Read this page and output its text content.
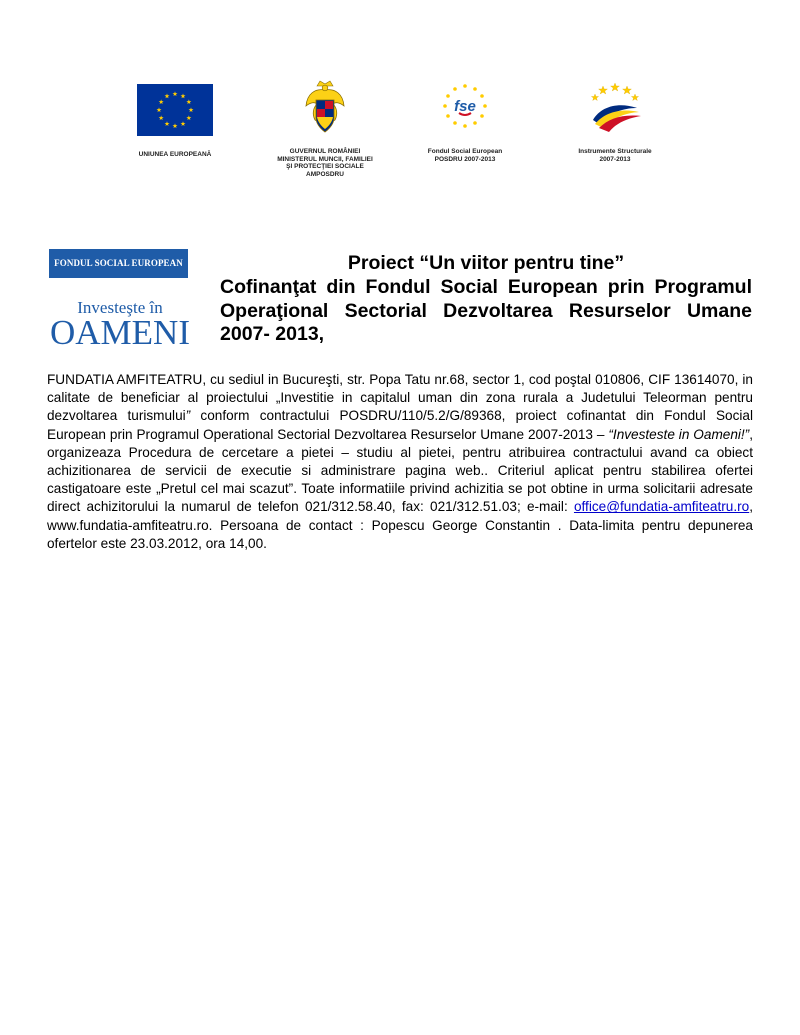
UNIUNEA EUROPEANĂ	GUVERNUL ROMÂNIEI
MINISTERUL MUNCII, FAMILIEI
ŞI PROTECŢIEI SOCIALE
AMPOSDRU
fse
Fondul Social European
POSDRU 2007-2013
Instrumente Structurale
2007-2013
FONDUL SOCIAL EUROPEAN
Investeşte în
OAMENI
Proiect “Un viitor pentru tine”
Cofinanţat din Fondul Social European prin Programul Operaţional Sectorial Dezvoltarea Resurselor Umane 2007- 2013,
FUNDATIA AMFITEATRU, cu sediul in Bucureşti, str. Popa Tatu nr.68, sector 1, cod poştal 010806, CIF 13614070, in calitate de beneficiar al proiectului „Investitie in capitalul uman din zona rurala a Judetului Teleorman pentru dezvoltarea turismului” conform contractului POSDRU/110/5.2/G/89368, proiect cofinantat din Fondul Social European prin Programul Operational Sectorial Dezvoltarea Resurselor Umane 2007-2013 – “Investeste in Oameni!”, organizeaza Procedura de cercetare a pietei – studiu al pietei, pentru atribuirea contractului avand ca obiect achizitionarea de servicii de executie si administrare pagina web.. Criteriul aplicat pentru stabilirea ofertei castigatoare este „Pretul cel mai scazut”. Toate informatiile privind achizitia se pot obtine in urma solicitarii adresate direct achizitorului la numarul de telefon 021/312.58.40, fax: 021/312.51.03; e-mail: office@fundatia-amfiteatru.ro, www.fundatia-amfiteatru.ro. Persoana de contact : Popescu George Constantin . Data-limita pentru depunerea ofertelor este 23.03.2012, ora 14,00.
